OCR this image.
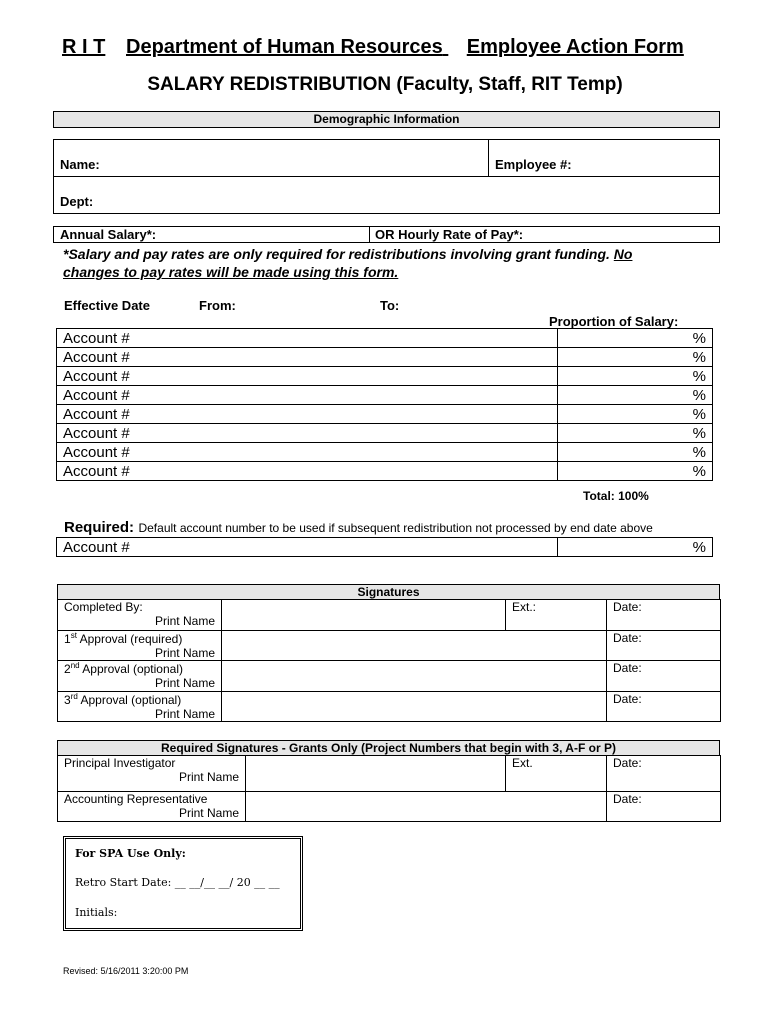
R I T Department of Human Resources Employee Action Form
SALARY REDISTRIBUTION (Faculty, Staff, RIT Temp)
Demographic Information
Name:	Employee #:
Dept:
Annual Salary*:	OR Hourly Rate of Pay*:
*Salary and pay rates are only required for redistributions involving grant funding. No
changes to pay rates will be made using this form.
Effective Date	From:	To:
Proportion of Salary:
Account #	%
Account #	%
Account #	%
Account #	%
Account #	%
Account #	%
Account #	%
Account #	%
Total: 100%
Required: Default account number to be used if subsequent redistribution not processed by end date above
Account #	%
Signatures
Completed By:
Print Name		Ext.:	Date:
1st Approval (required)
Print Name			Date:
2nd Approval (optional)
Print Name			Date:
3rd Approval (optional)
Print Name			Date:
Required Signatures - Grants Only (Project Numbers that begin with 3, A-F or P)
Principal Investigator
Print Name		Ext.	Date:
Accounting Representative
Print Name			Date:
For SPA Use Only:
Retro Start Date: __ __/__ __/ 20 __ __
Initials:
Revised: 5/16/2011 3:20:00 PM
